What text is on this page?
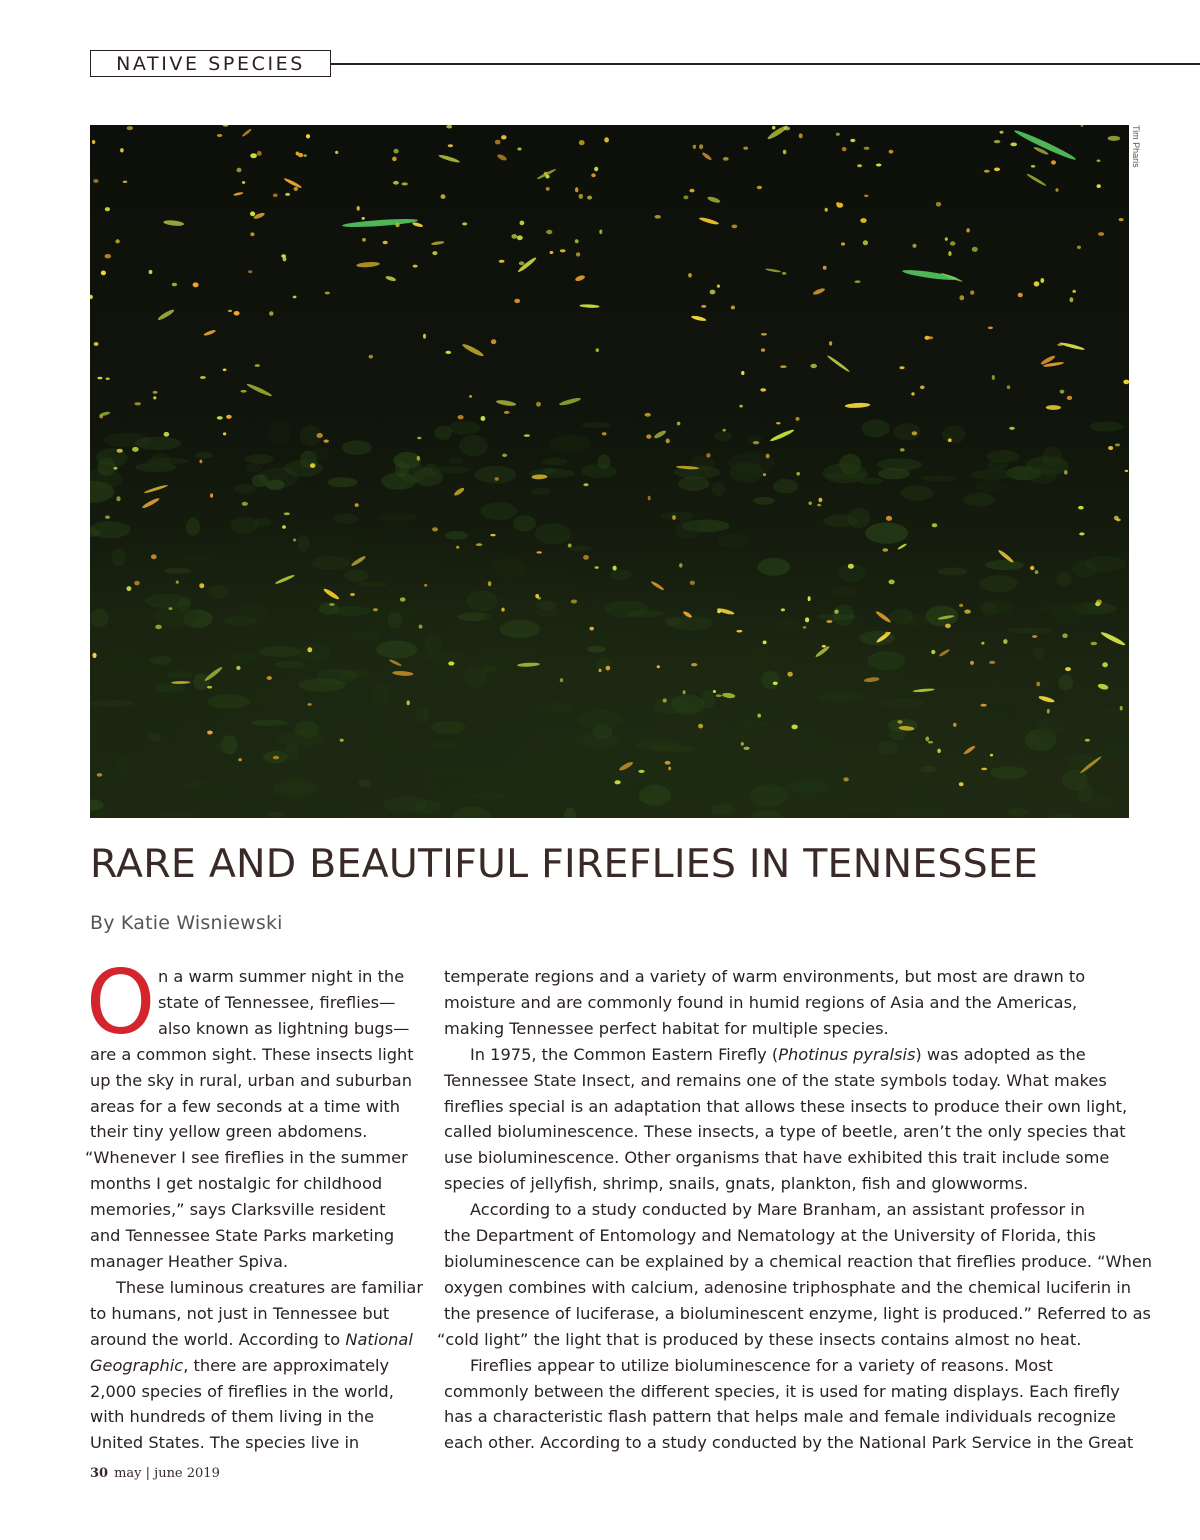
NATIVE SPECIES
Tim Pharis
RARE AND BEAUTIFUL FIREFLIES IN TENNESSEE
By Katie Wisniewski
O n a warm summer night in the

state of Tennessee, fireflies—

also known as lightning bugs—

are a common sight. These insects light

up the sky in rural, urban and suburban

areas for a few seconds at a time with

their tiny yellow green abdomens.

“Whenever I see fireflies in the summer

months I get nostalgic for childhood

memories,” says Clarksville resident

and Tennessee State Parks marketing

manager Heather Spiva.

These luminous creatures are familiar

to humans, not just in Tennessee but

around the world. According to National

Geographic, there are approximately

2,000 species of fireflies in the world,

with hundreds of them living in the

United States. The species live in

temperate regions and a variety of warm environments, but most are drawn to

moisture and are commonly found in humid regions of Asia and the Americas,

making Tennessee perfect habitat for multiple species.

In 1975, the Common Eastern Firefly (Photinus pyralsis) was adopted as the

Tennessee State Insect, and remains one of the state symbols today. What makes

fireflies special is an adaptation that allows these insects to produce their own light,

called bioluminescence. These insects, a type of beetle, aren’t the only species that

use bioluminescence. Other organisms that have exhibited this trait include some

species of jellyfish, shrimp, snails, gnats, plankton, fish and glowworms.

According to a study conducted by Mare Branham, an assistant professor in

the Department of Entomology and Nematology at the University of Florida, this

bioluminescence can be explained by a chemical reaction that fireflies produce. “When

oxygen combines with calcium, adenosine triphosphate and the chemical luciferin in

the presence of luciferase, a bioluminescent enzyme, light is produced.” Referred to as

“cold light” the light that is produced by these insects contains almost no heat.

Fireflies appear to utilize bioluminescence for a variety of reasons. Most

commonly between the different species, it is used for mating displays. Each firefly

has a characteristic flash pattern that helps male and female individuals recognize

each other. According to a study conducted by the National Park Service in the Great

30 may | june 2019
